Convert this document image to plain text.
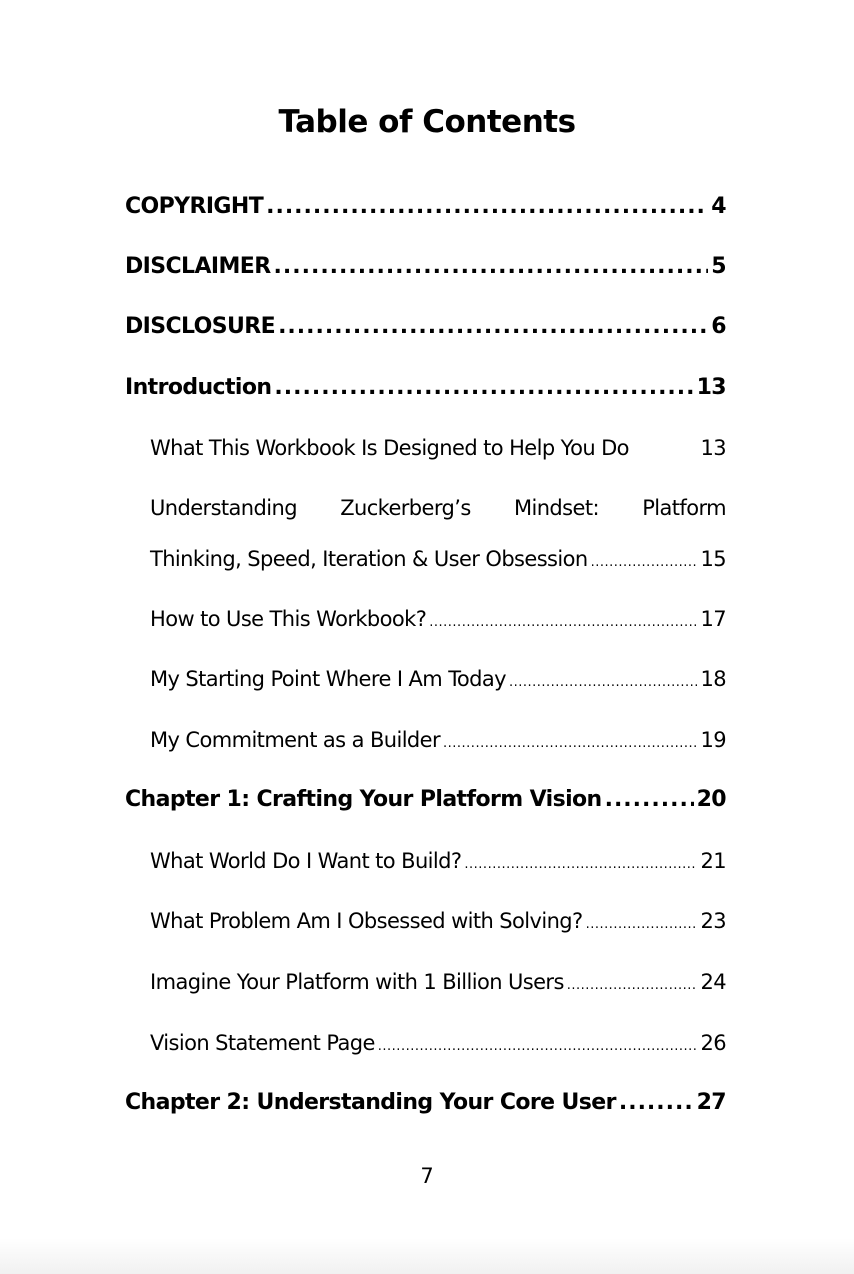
Table of Contents
COPYRIGHT .....	4
DISCLAIMER .....	5
DISCLOSURE .....	6
Introduction .....	13
What This Workbook Is Designed to Help You Do	13
Understanding Zuckerberg’s Mindset: Platform
Thinking, Speed, Iteration & User Obsession .....	15
How to Use This Workbook? .....	17
My Starting Point Where I Am Today .....	18
My Commitment as a Builder .....	19
Chapter 1: Crafting Your Platform Vision .....	20
What World Do I Want to Build? .....	21
What Problem Am I Obsessed with Solving? .....	23
Imagine Your Platform with 1 Billion Users .....	24
Vision Statement Page .....	26
Chapter 2: Understanding Your Core User .....	27
7
